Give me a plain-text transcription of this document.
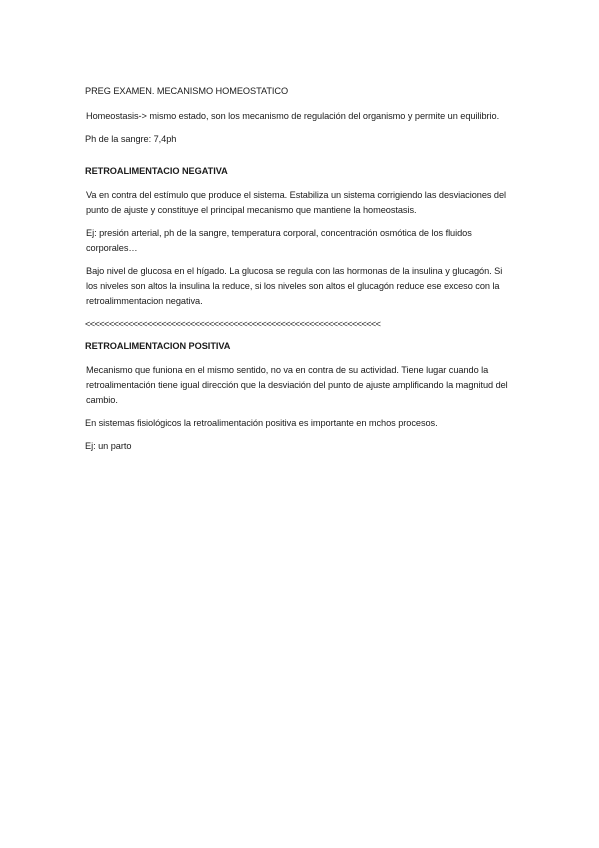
PREG EXAMEN. MECANISMO HOMEOSTATICO

Homeostasis-> mismo estado, son los mecanismo de regulación del organismo y permite un equilibrio.

Ph de la sangre: 7,4ph

RETROALIMENTACIO NEGATIVA

Va en contra del estímulo que produce el sistema. Estabiliza un sistema corrigiendo las desviaciones del punto de ajuste y constituye el principal mecanismo que mantiene la homeostasis.

Ej: presión arterial, ph de la sangre, temperatura corporal, concentración osmótica de los fluidos corporales…

Bajo nivel de glucosa en el hígado. La glucosa se regula con las hormonas de la insulina y glucagón. Si los niveles son altos la insulina la reduce, si los niveles son altos el glucagón reduce ese exceso con la retroalimmentacion negativa.

<<<<<<<<<<<<<<<<<<<<<<<<<<<<<<<<<<<<<<<<<<<<<<<<<<<<<<<<<<<<<<

RETROALIMENTACION POSITIVA

Mecanismo que funiona en el mismo sentido, no va en contra de su actividad. Tiene lugar cuando la retroalimentación tiene igual dirección que la desviación del punto de ajuste amplificando la magnitud del cambio.

En sistemas fisiológicos la retroalimentación positiva es importante en mchos procesos.

Ej: un parto
